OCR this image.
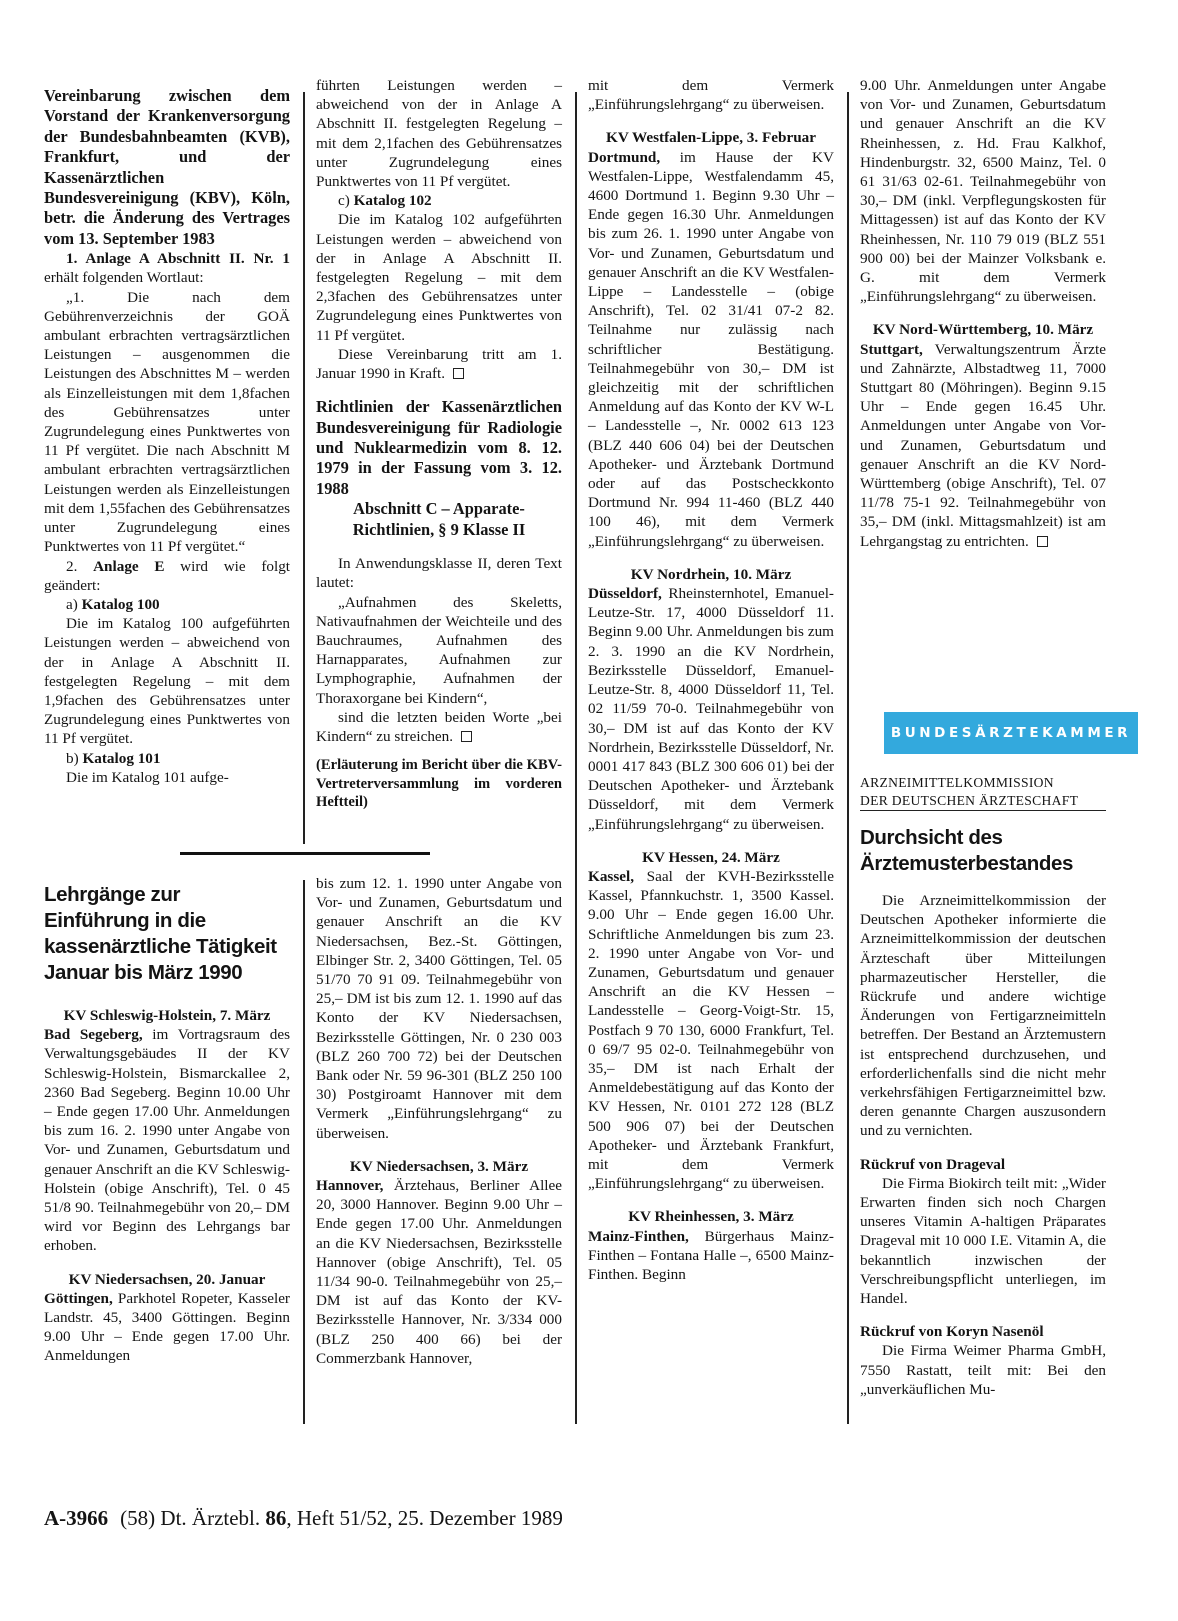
Vereinbarung zwischen dem Vorstand der Krankenversorgung der Bundesbahnbeamten (KVB), Frankfurt, und der Kassenärztlichen Bundesvereinigung (KBV), Köln, betr. die Änderung des Vertrages vom 13. September 1983

1. Anlage A Abschnitt II. Nr. 1 erhält folgenden Wortlaut:

„1. Die nach dem Gebührenverzeichnis der GOÄ ambulant erbrachten vertragsärztlichen Leistungen – ausgenommen die Leistungen des Abschnittes M – werden als Einzelleistungen mit dem 1,8fachen des Gebührensatzes unter Zugrundelegung eines Punktwertes von 11 Pf vergütet. Die nach Abschnitt M ambulant erbrachten vertragsärztlichen Leistungen werden als Einzelleistungen mit dem 1,55fachen des Gebührensatzes unter Zugrundelegung eines Punktwertes von 11 Pf vergütet.“

2. Anlage E wird wie folgt geändert:

a) Katalog 100

Die im Katalog 100 aufgeführten Leistungen werden – abweichend von der in Anlage A Abschnitt II. festgelegten Regelung – mit dem 1,9fachen des Gebührensatzes unter Zugrundelegung eines Punktwertes von 11 Pf vergütet.

b) Katalog 101

Die im Katalog 101 aufge-

führten Leistungen werden – abweichend von der in Anlage A Abschnitt II. festgelegten Regelung – mit dem 2,1fachen des Gebührensatzes unter Zugrundelegung eines Punktwertes von 11 Pf vergütet.

c) Katalog 102

Die im Katalog 102 aufgeführten Leistungen werden – abweichend von der in Anlage A Abschnitt II. festgelegten Regelung – mit dem 2,3fachen des Gebührensatzes unter Zugrundelegung eines Punktwertes von 11 Pf vergütet.

Diese Vereinbarung tritt am 1. Januar 1990 in Kraft.

Richtlinien der Kassenärztlichen Bundesvereinigung für Radiologie und Nuklearmedizin vom 8. 12. 1979 in der Fassung vom 3. 12. 1988

Abschnitt C – Apparate-Richtlinien, § 9 Klasse II

In Anwendungsklasse II, deren Text lautet:

„Aufnahmen des Skeletts, Nativaufnahmen der Weichteile und des Bauchraumes, Aufnahmen des Harnapparates, Aufnahmen zur Lymphographie, Aufnahmen der Thoraxorgane bei Kindern“,

sind die letzten beiden Worte „bei Kindern“ zu streichen.

(Erläuterung im Bericht über die KBV-Vertreterversammlung im vorderen Heftteil)

Lehrgänge zur Einführung in die kassenärztliche Tätigkeit Januar bis März 1990

KV Schleswig-Holstein, 7. März

Bad Segeberg, im Vortragsraum des Verwaltungsgebäudes II der KV Schleswig-Holstein, Bismarckallee 2, 2360 Bad Segeberg. Beginn 10.00 Uhr – Ende gegen 17.00 Uhr. Anmeldungen bis zum 16. 2. 1990 unter Angabe von Vor- und Zunamen, Geburtsdatum und genauer Anschrift an die KV Schleswig-Holstein (obige Anschrift), Tel. 0 45 51/8 90. Teilnahmegebühr von 20,– DM wird vor Beginn des Lehrgangs bar erhoben.

KV Niedersachsen, 20. Januar

Göttingen, Parkhotel Ropeter, Kasseler Landstr. 45, 3400 Göttingen. Beginn 9.00 Uhr – Ende gegen 17.00 Uhr. Anmeldungen

bis zum 12. 1. 1990 unter Angabe von Vor- und Zunamen, Geburtsdatum und genauer Anschrift an die KV Niedersachsen, Bez.-St. Göttingen, Elbinger Str. 2, 3400 Göttingen, Tel. 05 51/70 70 91 09. Teilnahmegebühr von 25,– DM ist bis zum 12. 1. 1990 auf das Konto der KV Niedersachsen, Bezirksstelle Göttingen, Nr. 0 230 003 (BLZ 260 700 72) bei der Deutschen Bank oder Nr. 59 96-301 (BLZ 250 100 30) Postgiroamt Hannover mit dem Vermerk „Einführungslehrgang“ zu überweisen.

KV Niedersachsen, 3. März

Hannover, Ärztehaus, Berliner Allee 20, 3000 Hannover. Beginn 9.00 Uhr – Ende gegen 17.00 Uhr. Anmeldungen an die KV Niedersachsen, Bezirksstelle Hannover (obige Anschrift), Tel. 05 11/34 90-0. Teilnahmegebühr von 25,– DM ist auf das Konto der KV-Bezirksstelle Hannover, Nr. 3/334 000 (BLZ 250 400 66) bei der Commerzbank Hannover,

mit dem Vermerk „Einführungslehrgang“ zu überweisen.

KV Westfalen-Lippe, 3. Februar

Dortmund, im Hause der KV Westfalen-Lippe, Westfalendamm 45, 4600 Dortmund 1. Beginn 9.30 Uhr – Ende gegen 16.30 Uhr. Anmeldungen bis zum 26. 1. 1990 unter Angabe von Vor- und Zunamen, Geburtsdatum und genauer Anschrift an die KV Westfalen-Lippe – Landesstelle – (obige Anschrift), Tel. 02 31/41 07-2 82. Teilnahme nur zulässig nach schriftlicher Bestätigung. Teilnahmegebühr von 30,– DM ist gleichzeitig mit der schriftlichen Anmeldung auf das Konto der KV W-L – Landesstelle –, Nr. 0002 613 123 (BLZ 440 606 04) bei der Deutschen Apotheker- und Ärztebank Dortmund oder auf das Postscheckkonto Dortmund Nr. 994 11-460 (BLZ 440 100 46), mit dem Vermerk „Einführungslehrgang“ zu überweisen.

KV Nordrhein, 10. März

Düsseldorf, Rheinsternhotel, Emanuel-Leutze-Str. 17, 4000 Düsseldorf 11. Beginn 9.00 Uhr. Anmeldungen bis zum 2. 3. 1990 an die KV Nordrhein, Bezirksstelle Düsseldorf, Emanuel-Leutze-Str. 8, 4000 Düsseldorf 11, Tel. 02 11/59 70-0. Teilnahmegebühr von 30,– DM ist auf das Konto der KV Nordrhein, Bezirksstelle Düsseldorf, Nr. 0001 417 843 (BLZ 300 606 01) bei der Deutschen Apotheker- und Ärztebank Düsseldorf, mit dem Vermerk „Einführungslehrgang“ zu überweisen.

KV Hessen, 24. März

Kassel, Saal der KVH-Bezirksstelle Kassel, Pfannkuchstr. 1, 3500 Kassel. 9.00 Uhr – Ende gegen 16.00 Uhr. Schriftliche Anmeldungen bis zum 23. 2. 1990 unter Angabe von Vor- und Zunamen, Geburtsdatum und genauer Anschrift an die KV Hessen – Landesstelle – Georg-Voigt-Str. 15, Postfach 9 70 130, 6000 Frankfurt, Tel. 0 69/7 95 02-0. Teilnahmegebühr von 35,– DM ist nach Erhalt der Anmeldebestätigung auf das Konto der KV Hessen, Nr. 0101 272 128 (BLZ 500 906 07) bei der Deutschen Apotheker- und Ärztebank Frankfurt, mit dem Vermerk „Einführungslehrgang“ zu überweisen.

KV Rheinhessen, 3. März

Mainz-Finthen, Bürgerhaus Mainz-Finthen – Fontana Halle –, 6500 Mainz-Finthen. Beginn

9.00 Uhr. Anmeldungen unter Angabe von Vor- und Zunamen, Geburtsdatum und genauer Anschrift an die KV Rheinhessen, z. Hd. Frau Kalkhof, Hindenburgstr. 32, 6500 Mainz, Tel. 0 61 31/63 02-61. Teilnahmegebühr von 30,– DM (inkl. Verpflegungskosten für Mittagessen) ist auf das Konto der KV Rheinhessen, Nr. 110 79 019 (BLZ 551 900 00) bei der Mainzer Volksbank e. G. mit dem Vermerk „Einführungslehrgang“ zu überweisen.

KV Nord-Württemberg, 10. März

Stuttgart, Verwaltungszentrum Ärzte und Zahnärzte, Albstadtweg 11, 7000 Stuttgart 80 (Möhringen). Beginn 9.15 Uhr – Ende gegen 16.45 Uhr. Anmeldungen unter Angabe von Vor- und Zunamen, Geburtsdatum und genauer Anschrift an die KV Nord-Württemberg (obige Anschrift), Tel. 07 11/78 75-1 92. Teilnahmegebühr von 35,– DM (inkl. Mittagsmahlzeit) ist am Lehrgangstag zu entrichten.

BUNDESÄRZTEKAMMER

ARZNEIMITTELKOMMISSION

DER DEUTSCHEN ÄRZTESCHAFT

Durchsicht des Ärztemusterbestandes

Die Arzneimittelkommission der Deutschen Apotheker informierte die Arzneimittelkommission der deutschen Ärzteschaft über Mitteilungen pharmazeutischer Hersteller, die Rückrufe und andere wichtige Änderungen von Fertigarzneimitteln betreffen. Der Bestand an Ärztemustern ist entsprechend durchzusehen, und erforderlichenfalls sind die nicht mehr verkehrsfähigen Fertigarzneimittel bzw. deren genannte Chargen auszusondern und zu vernichten.

Rückruf von Drageval

Die Firma Biokirch teilt mit: „Wider Erwarten finden sich noch Chargen unseres Vitamin A-haltigen Präparates Drageval mit 10 000 I.E. Vitamin A, die bekanntlich inzwischen der Verschreibungspflicht unterliegen, im Handel.

Rückruf von Koryn Nasenöl

Die Firma Weimer Pharma GmbH, 7550 Rastatt, teilt mit: Bei den „unverkäuflichen Mu-

A-3966 (58) Dt. Ärztebl. 86, Heft 51/52, 25. Dezember 1989
